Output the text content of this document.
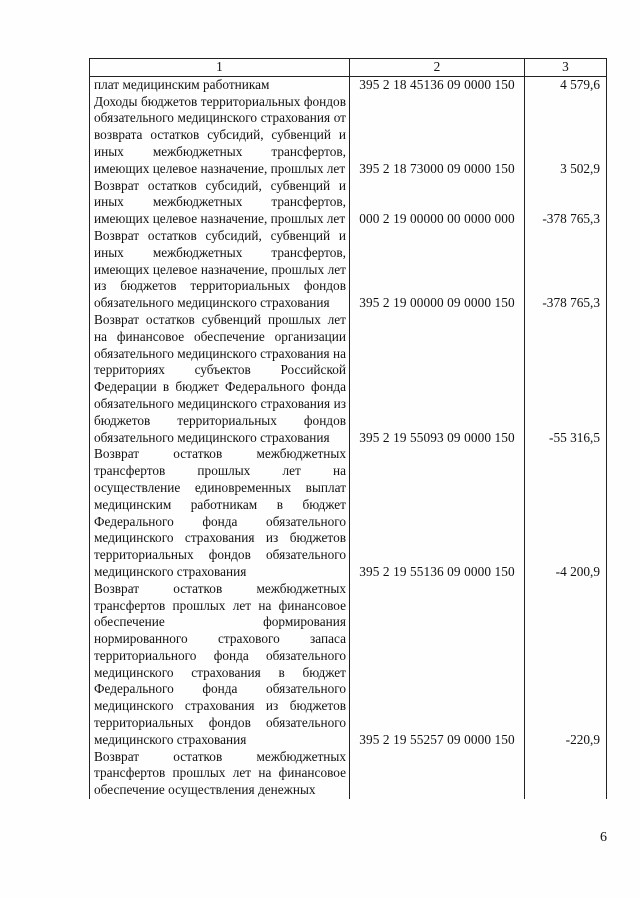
1	2	3
плат медицинским работникам	395 2 18 45136 09 0000 150	4 579,6
Доходы бюджетов территориальных фондов обязательного медицинского страхования от возврата остатков субсидий, субвенций и иных межбюджетных трансфертов, имеющих целевое назначение, прошлых лет	395 2 18 73000 09 0000 150	3 502,9
Возврат остатков субсидий, субвенций и иных межбюджетных трансфертов, имеющих целевое назначение, прошлых лет	000 2 19 00000 00 0000 000	-378 765,3
Возврат остатков субсидий, субвенций и иных межбюджетных трансфертов, имеющих целевое назначение, прошлых лет из бюджетов территориальных фондов обязательного медицинского страхования	395 2 19 00000 09 0000 150	-378 765,3
Возврат остатков субвенций прошлых лет на финансовое обеспечение организации обязательного медицинского страхования на территориях субъектов Российской Федерации в бюджет Федерального фонда обязательного медицинского страхования из бюджетов территориальных фондов обязательного медицинского страхования	395 2 19 55093 09 0000 150	-55 316,5
Возврат остатков межбюджетных трансфертов прошлых лет на осуществление единовременных выплат медицинским работникам в бюджет Федерального фонда обязательного медицинского страхования из бюджетов территориальных фондов обязательного медицинского страхования	395 2 19 55136 09 0000 150	-4 200,9
Возврат остатков межбюджетных трансфертов прошлых лет на финансовое обеспечение формирования нормированного страхового запаса территориального фонда обязательного медицинского страхования в бюджет Федерального фонда обязательного медицинского страхования из бюджетов территориальных фондов обязательного медицинского страхования	395 2 19 55257 09 0000 150	-220,9
Возврат остатков межбюджетных трансфертов прошлых лет на финансовое обеспечение осуществления денежных		
6
